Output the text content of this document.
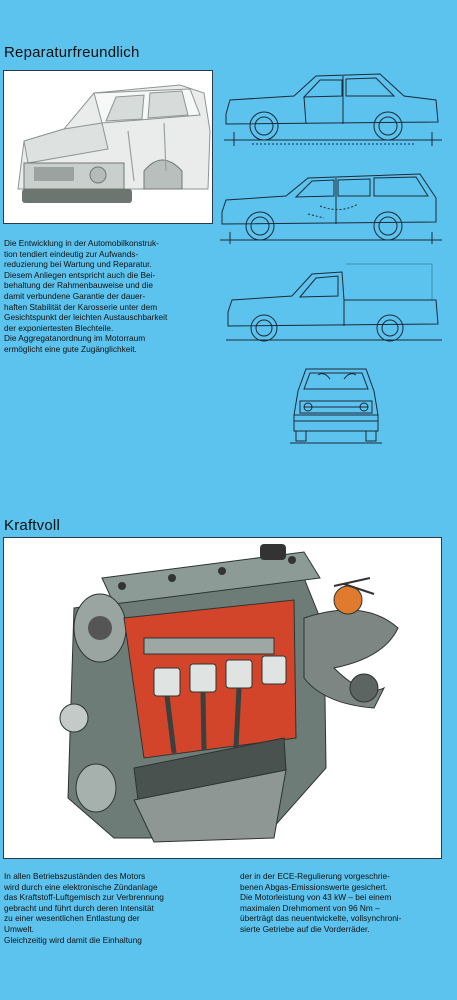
Reparaturfreundlich

Die Entwicklung in der Automobilkonstruk-
tion tendiert eindeutig zur Aufwands-
reduzierung bei Wartung und Reparatur.
Diesem Anliegen entspricht auch die Bei-
behaltung der Rahmenbauweise und die
damit verbundene Garantie der dauer-
haften Stabilität der Karosserie unter dem
Gesichtspunkt der leichten Austauschbarkeit
der exponiertesten Blechteile.
Die Aggregatanordnung im Motorraum
ermöglicht eine gute Zugänglichkeit.

Kraftvoll

In allen Betriebszuständen des Motors
wird durch eine elektronische Zündanlage
das Kraftstoff-Luftgemisch zur Verbrennung
gebracht und führt durch deren Intensität
zu einer wesentlichen Entlastung der
Umwelt.
Gleichzeitig wird damit die Einhaltung

der in der ECE-Regulierung vorgeschrie-
benen Abgas-Emissionswerte gesichert.
Die Motorleistung von 43 kW – bei einem
maximalen Drehmoment von 96 Nm –
überträgt das neuentwickelte, vollsynchroni-
sierte Getriebe auf die Vorderräder.
